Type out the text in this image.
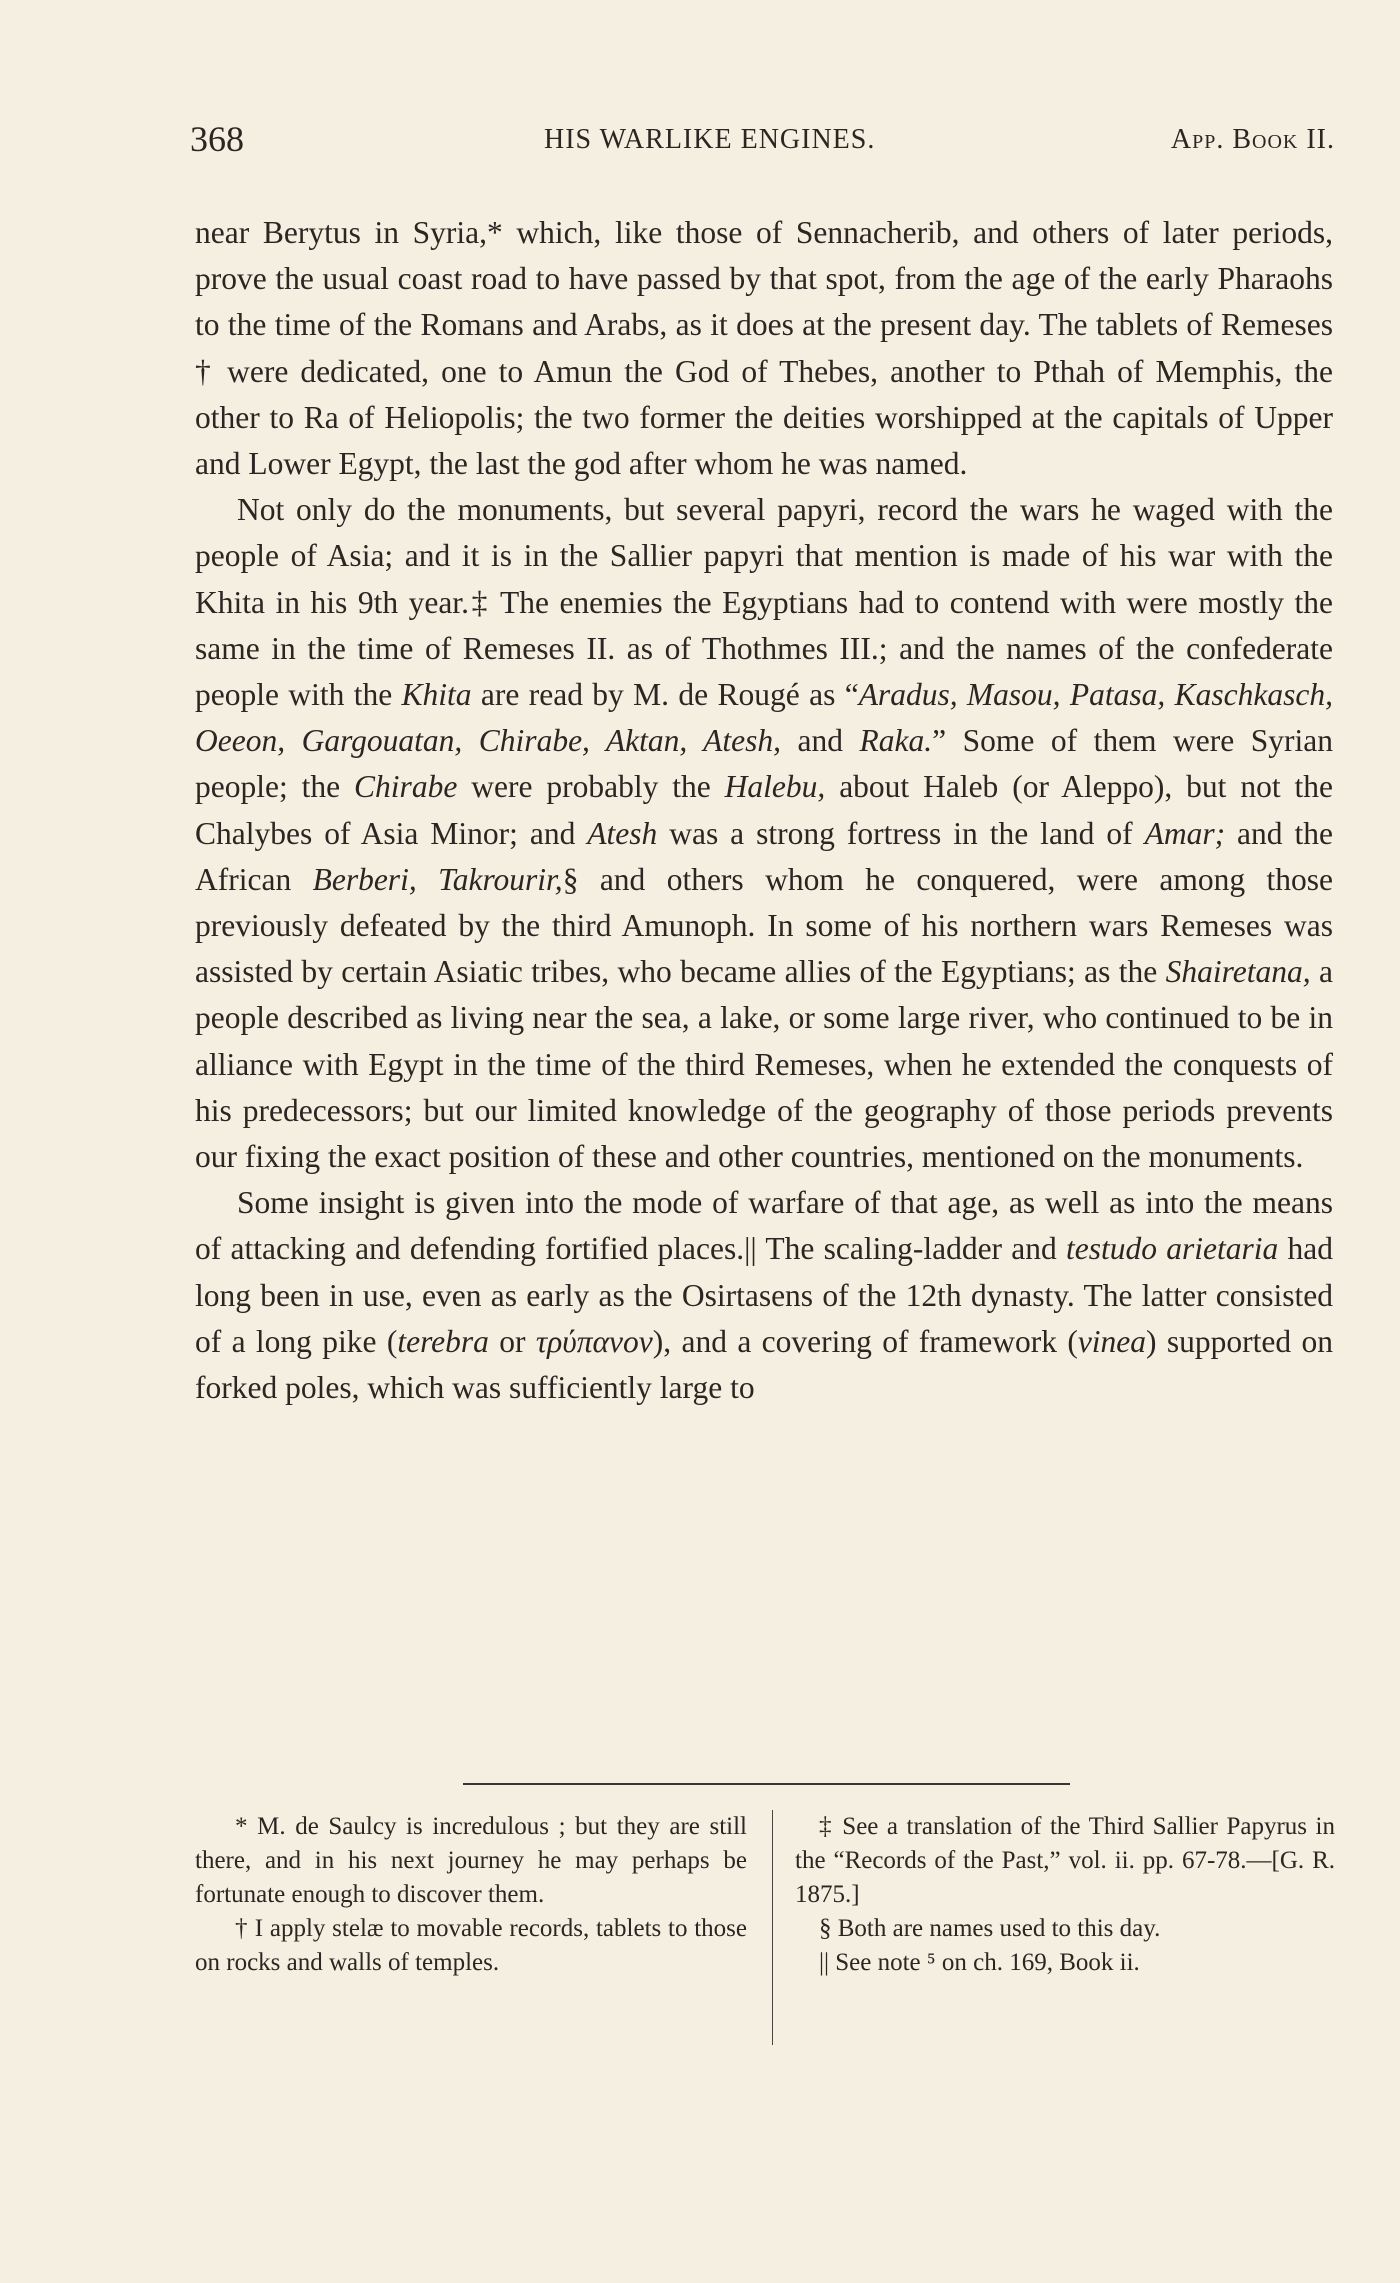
368	HIS WARLIKE ENGINES.	App. Book II.

near Berytus in Syria,* which, like those of Sennacherib, and others of later periods, prove the usual coast road to have passed by that spot, from the age of the early Pharaohs to the time of the Romans and Arabs, as it does at the present day. The tablets of Remeses † were dedicated, one to Amun the God of Thebes, another to Pthah of Memphis, the other to Ra of Heliopolis; the two former the deities worshipped at the capitals of Upper and Lower Egypt, the last the god after whom he was named.

Not only do the monuments, but several papyri, record the wars he waged with the people of Asia; and it is in the Sallier papyri that mention is made of his war with the Khita in his 9th year.‡ The enemies the Egyptians had to contend with were mostly the same in the time of Remeses II. as of Thothmes III.; and the names of the confederate people with the Khita are read by M. de Rougé as “Aradus, Masou, Patasa, Kaschkasch, Oeeon, Gargouatan, Chirabe, Aktan, Atesh, and Raka.” Some of them were Syrian people; the Chirabe were probably the Halebu, about Haleb (or Aleppo), but not the Chalybes of Asia Minor; and Atesh was a strong fortress in the land of Amar; and the African Berberi, Takrourir,§ and others whom he conquered, were among those previously defeated by the third Amunoph. In some of his northern wars Remeses was assisted by certain Asiatic tribes, who became allies of the Egyptians; as the Shairetana, a people described as living near the sea, a lake, or some large river, who continued to be in alliance with Egypt in the time of the third Remeses, when he extended the conquests of his predecessors; but our limited knowledge of the geography of those periods prevents our fixing the exact position of these and other countries, mentioned on the monuments.

Some insight is given into the mode of warfare of that age, as well as into the means of attacking and defending fortified places.|| The scaling-ladder and testudo arietaria had long been in use, even as early as the Osirtasens of the 12th dynasty. The latter consisted of a long pike (terebra or τρύπανον), and a covering of framework (vinea) supported on forked poles, which was sufficiently large to

* M. de Saulcy is incredulous ; but they are still there, and in his next journey he may perhaps be fortunate enough to discover them.

† I apply stelæ to movable records, tablets to those on rocks and walls of temples.

‡ See a translation of the Third Sallier Papyrus in the “Records of the Past,” vol. ii. pp. 67-78.—[G. R. 1875.]

§ Both are names used to this day.

|| See note ⁵ on ch. 169, Book ii.
